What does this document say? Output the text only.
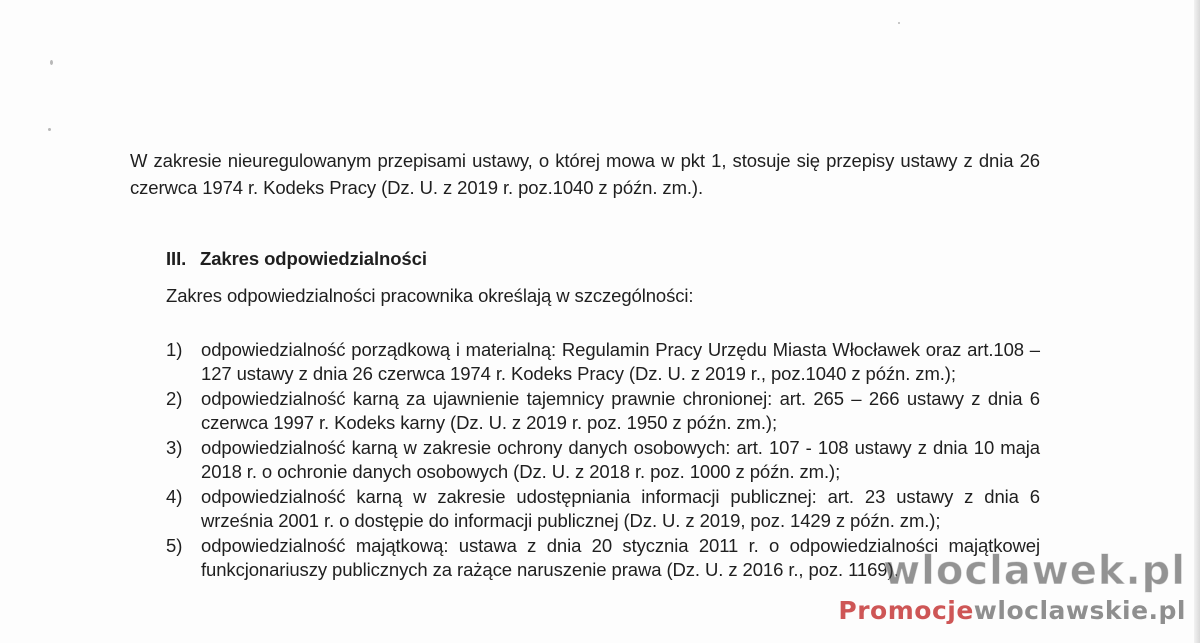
W zakresie nieuregulowanym przepisami ustawy, o której mowa w pkt 1, stosuje się przepisy ustawy z dnia 26 czerwca 1974 r. Kodeks Pracy (Dz. U. z 2019 r. poz.1040 z późn. zm.).
III. Zakres odpowiedzialności
Zakres odpowiedzialności pracownika określają w szczególności:
1) odpowiedzialność porządkową i materialną: Regulamin Pracy Urzędu Miasta Włocławek oraz art.108 – 127 ustawy z dnia 26 czerwca 1974 r. Kodeks Pracy (Dz. U. z 2019 r., poz.1040 z późn. zm.);
2) odpowiedzialność karną za ujawnienie tajemnicy prawnie chronionej: art. 265 – 266 ustawy z dnia 6 czerwca 1997 r. Kodeks karny (Dz. U. z 2019 r. poz. 1950 z późn. zm.);
3) odpowiedzialność karną w zakresie ochrony danych osobowych: art. 107 - 108 ustawy z dnia 10 maja 2018 r. o ochronie danych osobowych (Dz. U. z 2018 r. poz. 1000 z późn. zm.);
4) odpowiedzialność karną w zakresie udostępniania informacji publicznej: art. 23 ustawy z dnia 6 września 2001 r. o dostępie do informacji publicznej (Dz. U. z 2019, poz. 1429 z późn. zm.);
5) odpowiedzialność majątkową: ustawa z dnia 20 stycznia 2011 r. o odpowiedzialności majątkowej funkcjonariuszy publicznych za rażące naruszenie prawa (Dz. U. z 2016 r., poz. 1169).
wloclawek.pl
Promocjewloclawskie.pl
